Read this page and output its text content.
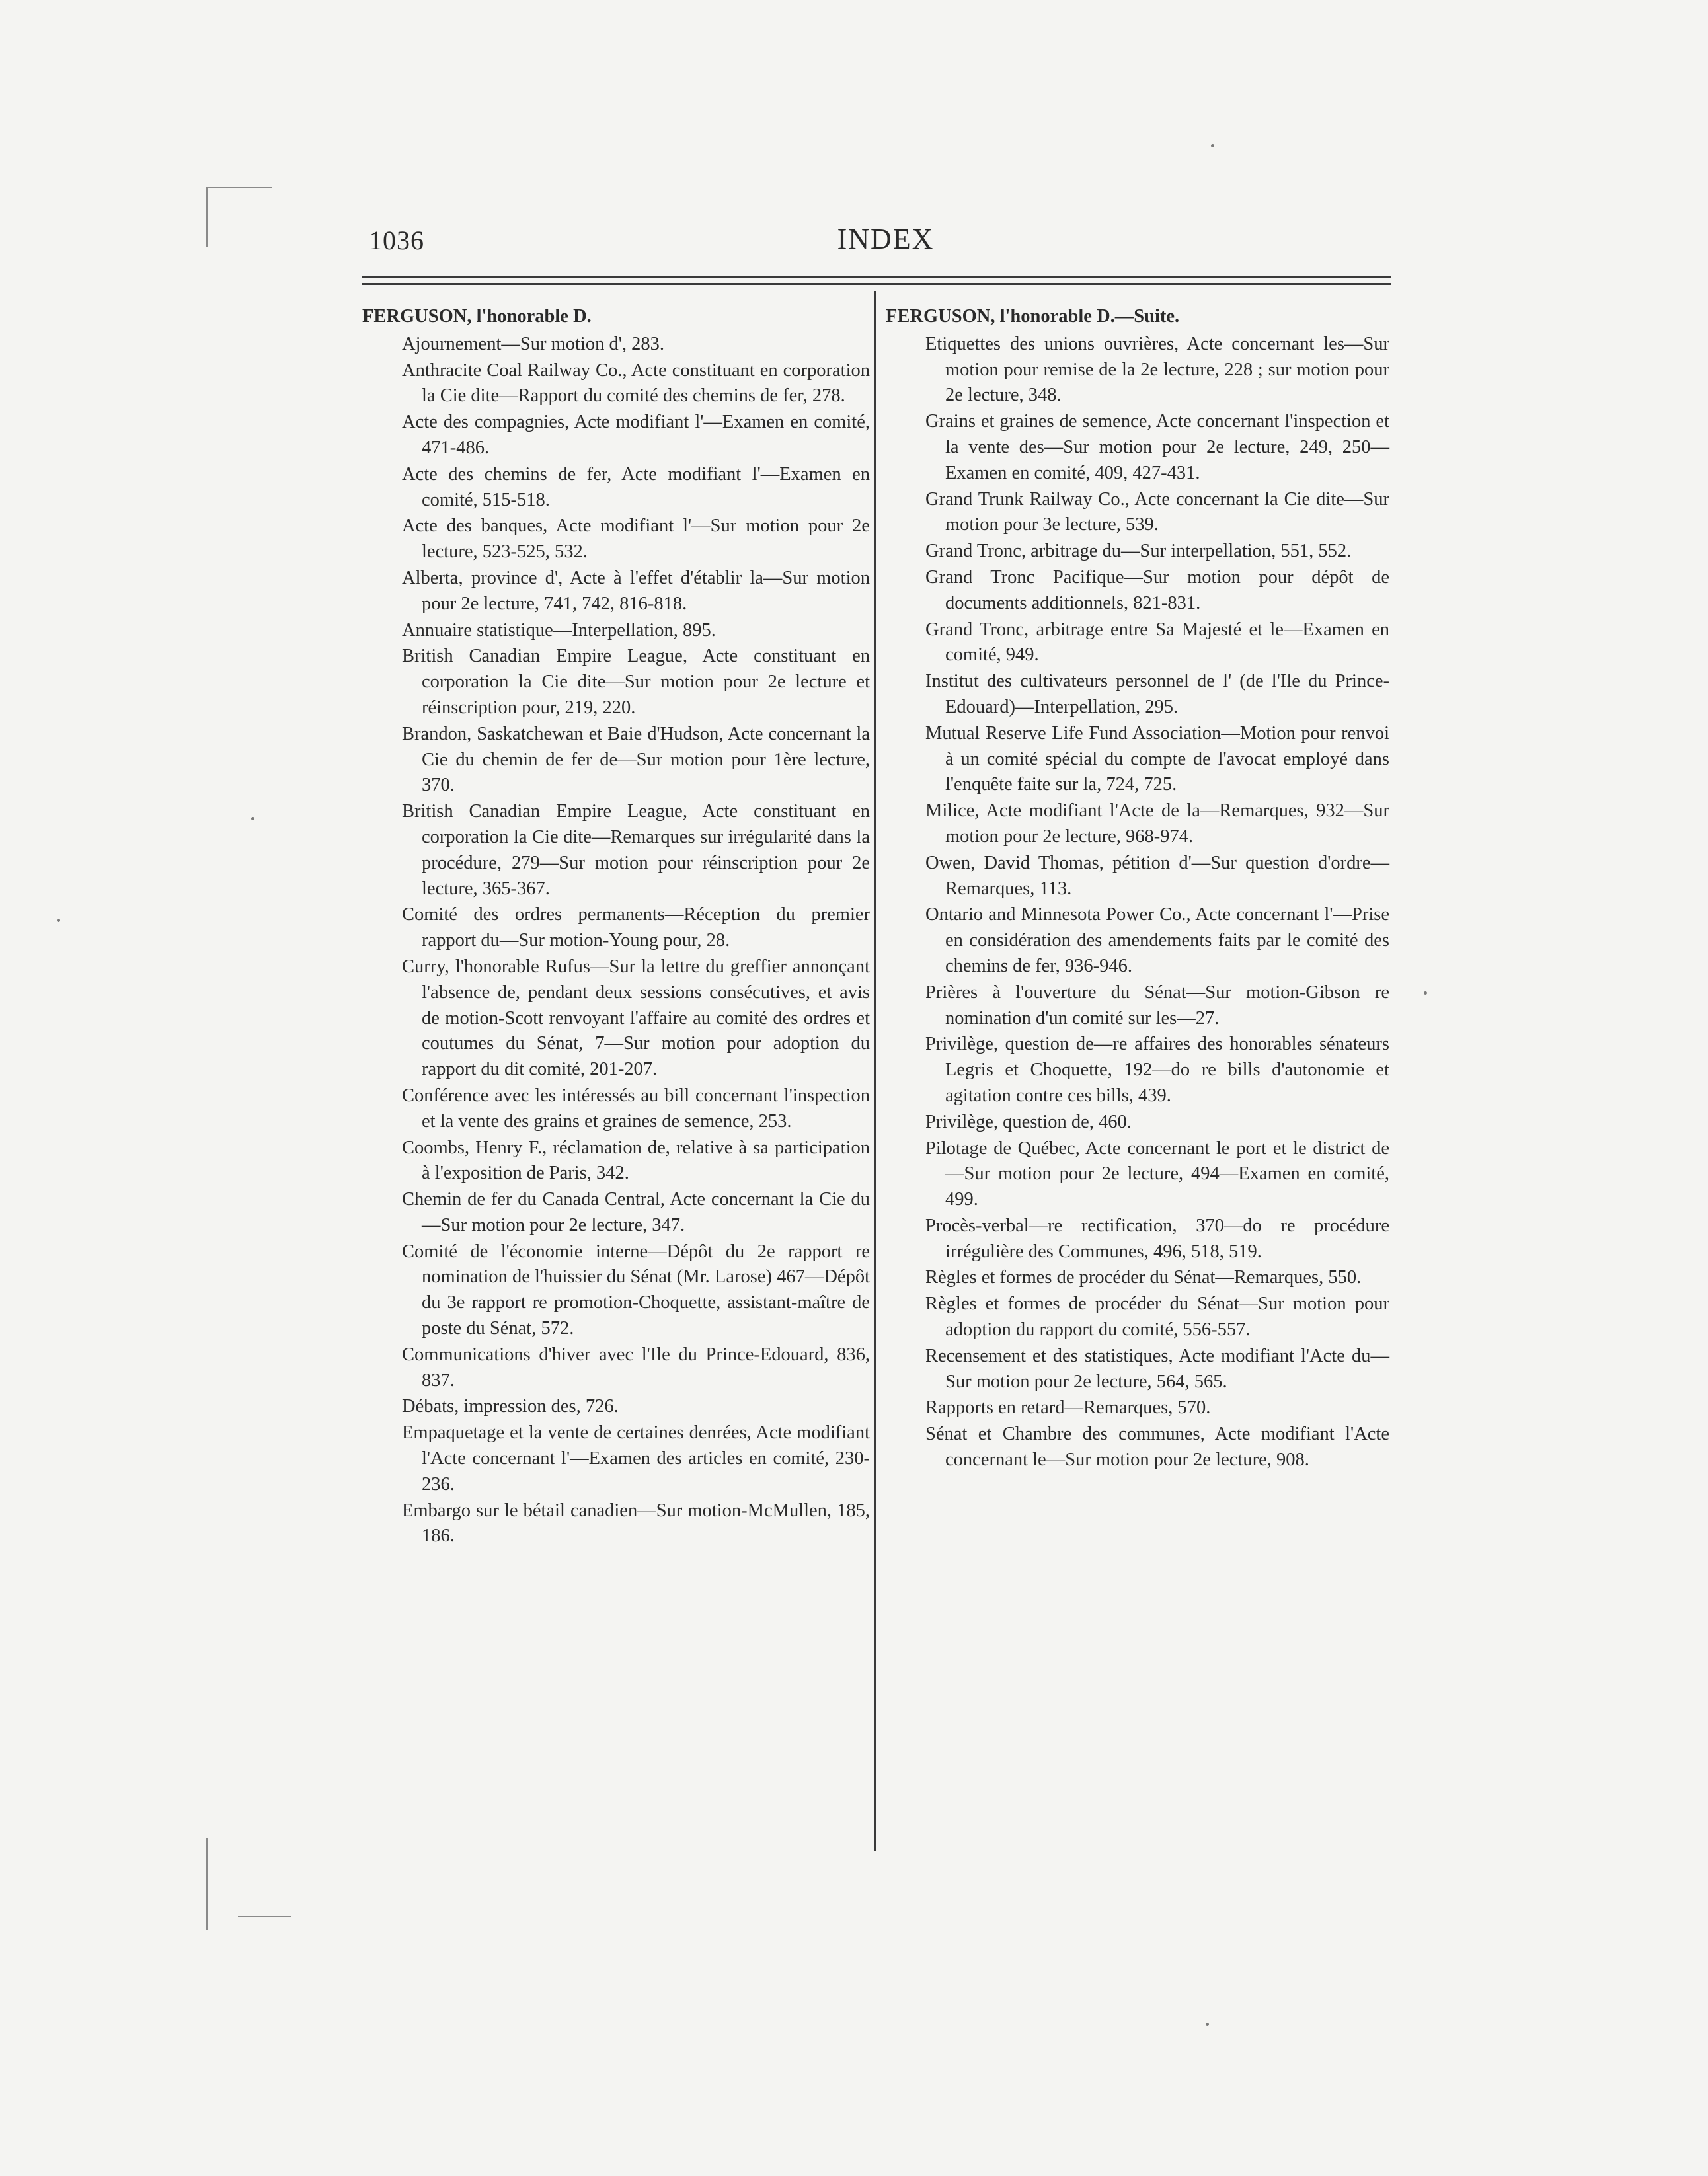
1036	INDEX
FERGUSON, l'honorable D.
Ajournement—Sur motion d', 283.
Anthracite Coal Railway Co., Acte constituant en corporation la Cie dite—Rapport du comité des chemins de fer, 278.
Acte des compagnies, Acte modifiant l'—Examen en comité, 471-486.
Acte des chemins de fer, Acte modifiant l'—Examen en comité, 515-518.
Acte des banques, Acte modifiant l'—Sur motion pour 2e lecture, 523-525, 532.
Alberta, province d', Acte à l'effet d'établir la—Sur motion pour 2e lecture, 741, 742, 816-818.
Annuaire statistique—Interpellation, 895.
British Canadian Empire League, Acte constituant en corporation la Cie dite—Sur motion pour 2e lecture et réinscription pour, 219, 220.
Brandon, Saskatchewan et Baie d'Hudson, Acte concernant la Cie du chemin de fer de—Sur motion pour 1ère lecture, 370.
British Canadian Empire League, Acte constituant en corporation la Cie dite—Remarques sur irrégularité dans la procédure, 279—Sur motion pour réinscription pour 2e lecture, 365-367.
Comité des ordres permanents—Réception du premier rapport du—Sur motion-Young pour, 28.
Curry, l'honorable Rufus—Sur la lettre du greffier annonçant l'absence de, pendant deux sessions consécutives, et avis de motion-Scott renvoyant l'affaire au comité des ordres et coutumes du Sénat, 7—Sur motion pour adoption du rapport du dit comité, 201-207.
Conférence avec les intéressés au bill concernant l'inspection et la vente des grains et graines de semence, 253.
Coombs, Henry F., réclamation de, relative à sa participation à l'exposition de Paris, 342.
Chemin de fer du Canada Central, Acte concernant la Cie du—Sur motion pour 2e lecture, 347.
Comité de l'économie interne—Dépôt du 2e rapport re nomination de l'huissier du Sénat (Mr. Larose) 467—Dépôt du 3e rapport re promotion-Choquette, assistant-maître de poste du Sénat, 572.
Communications d'hiver avec l'Ile du Prince-Edouard, 836, 837.
Débats, impression des, 726.
Empaquetage et la vente de certaines denrées, Acte modifiant l'Acte concernant l'—Examen des articles en comité, 230-236.
Embargo sur le bétail canadien—Sur motion-McMullen, 185, 186.
FERGUSON, l'honorable D.—Suite.
Etiquettes des unions ouvrières, Acte concernant les—Sur motion pour remise de la 2e lecture, 228 ; sur motion pour 2e lecture, 348.
Grains et graines de semence, Acte concernant l'inspection et la vente des—Sur motion pour 2e lecture, 249, 250—Examen en comité, 409, 427-431.
Grand Trunk Railway Co., Acte concernant la Cie dite—Sur motion pour 3e lecture, 539.
Grand Tronc, arbitrage du—Sur interpellation, 551, 552.
Grand Tronc Pacifique—Sur motion pour dépôt de documents additionnels, 821-831.
Grand Tronc, arbitrage entre Sa Majesté et le—Examen en comité, 949.
Institut des cultivateurs personnel de l' (de l'Ile du Prince-Edouard)—Interpellation, 295.
Mutual Reserve Life Fund Association—Motion pour renvoi à un comité spécial du compte de l'avocat employé dans l'enquête faite sur la, 724, 725.
Milice, Acte modifiant l'Acte de la—Remarques, 932—Sur motion pour 2e lecture, 968-974.
Owen, David Thomas, pétition d'—Sur question d'ordre—Remarques, 113.
Ontario and Minnesota Power Co., Acte concernant l'—Prise en considération des amendements faits par le comité des chemins de fer, 936-946.
Prières à l'ouverture du Sénat—Sur motion-Gibson re nomination d'un comité sur les—27.
Privilège, question de—re affaires des honorables sénateurs Legris et Choquette, 192—do re bills d'autonomie et agitation contre ces bills, 439.
Privilège, question de, 460.
Pilotage de Québec, Acte concernant le port et le district de—Sur motion pour 2e lecture, 494—Examen en comité, 499.
Procès-verbal—re rectification, 370—do re procédure irrégulière des Communes, 496, 518, 519.
Règles et formes de procéder du Sénat—Remarques, 550.
Règles et formes de procéder du Sénat—Sur motion pour adoption du rapport du comité, 556-557.
Recensement et des statistiques, Acte modifiant l'Acte du—Sur motion pour 2e lecture, 564, 565.
Rapports en retard—Remarques, 570.
Sénat et Chambre des communes, Acte modifiant l'Acte concernant le—Sur motion pour 2e lecture, 908.
